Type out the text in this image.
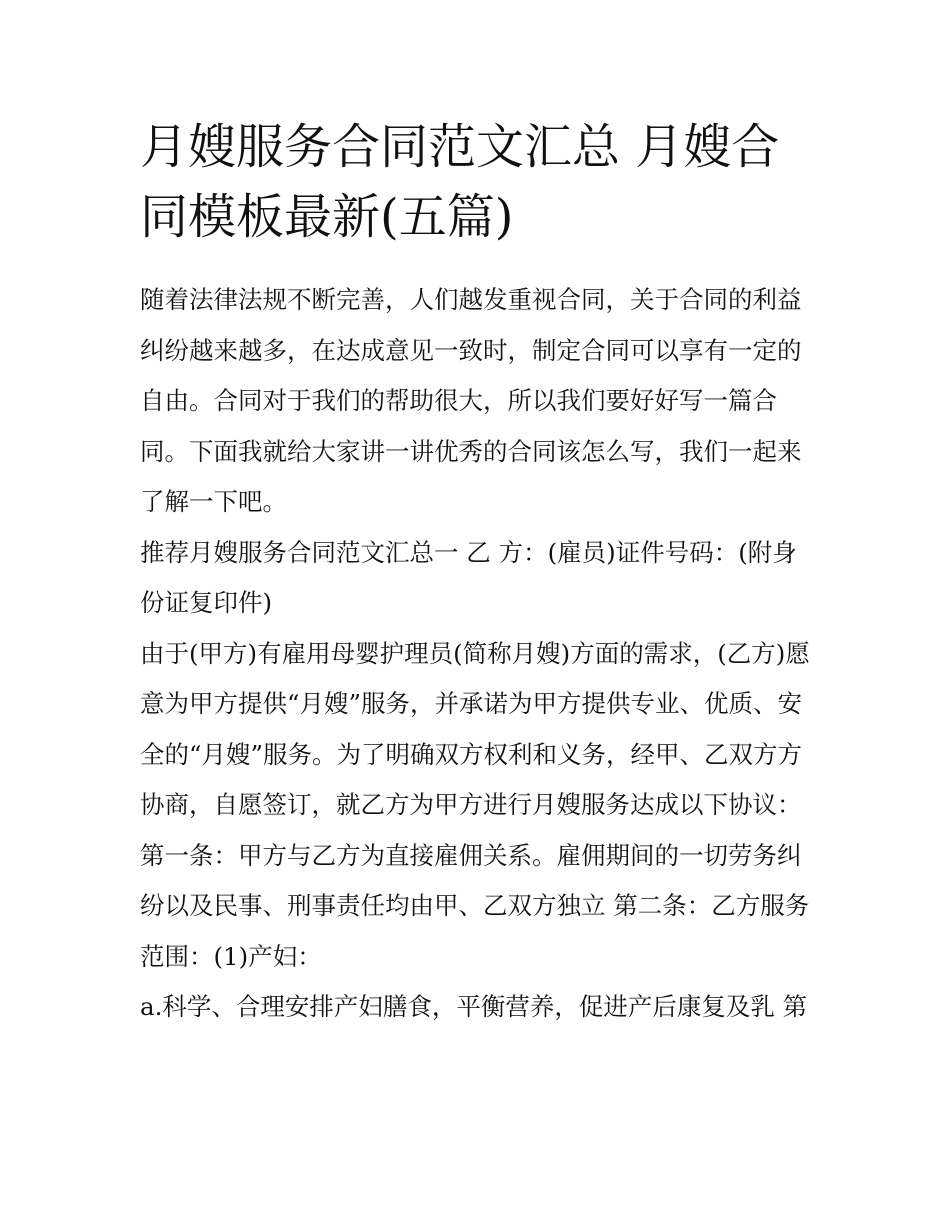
月嫂服务合同范文汇总 月嫂合同模板最新(五篇)

随着法律法规不断完善，人们越发重视合同，关于合同的利益纠纷越来越多，在达成意见一致时，制定合同可以享有一定的自由。合同对于我们的帮助很大，所以我们要好好写一篇合同。下面我就给大家讲一讲优秀的合同该怎么写，我们一起来了解一下吧。

推荐月嫂服务合同范文汇总一 乙 方：(雇员)证件号码：(附身份证复印件)

由于(甲方)有雇用母婴护理员(简称月嫂)方面的需求，(乙方)愿意为甲方提供“月嫂”服务，并承诺为甲方提供专业、优质、安全的“月嫂”服务。为了明确双方权利和义务，经甲、乙双方方协商，自愿签订，就乙方为甲方进行月嫂服务达成以下协议：

第一条：甲方与乙方为直接雇佣关系。雇佣期间的一切劳务纠纷以及民事、刑事责任均由甲、乙双方独立 第二条：乙方服务范围：(1)产妇：

a.科学、合理安排产妇膳食，平衡营养，促进产后康复及乳 第
